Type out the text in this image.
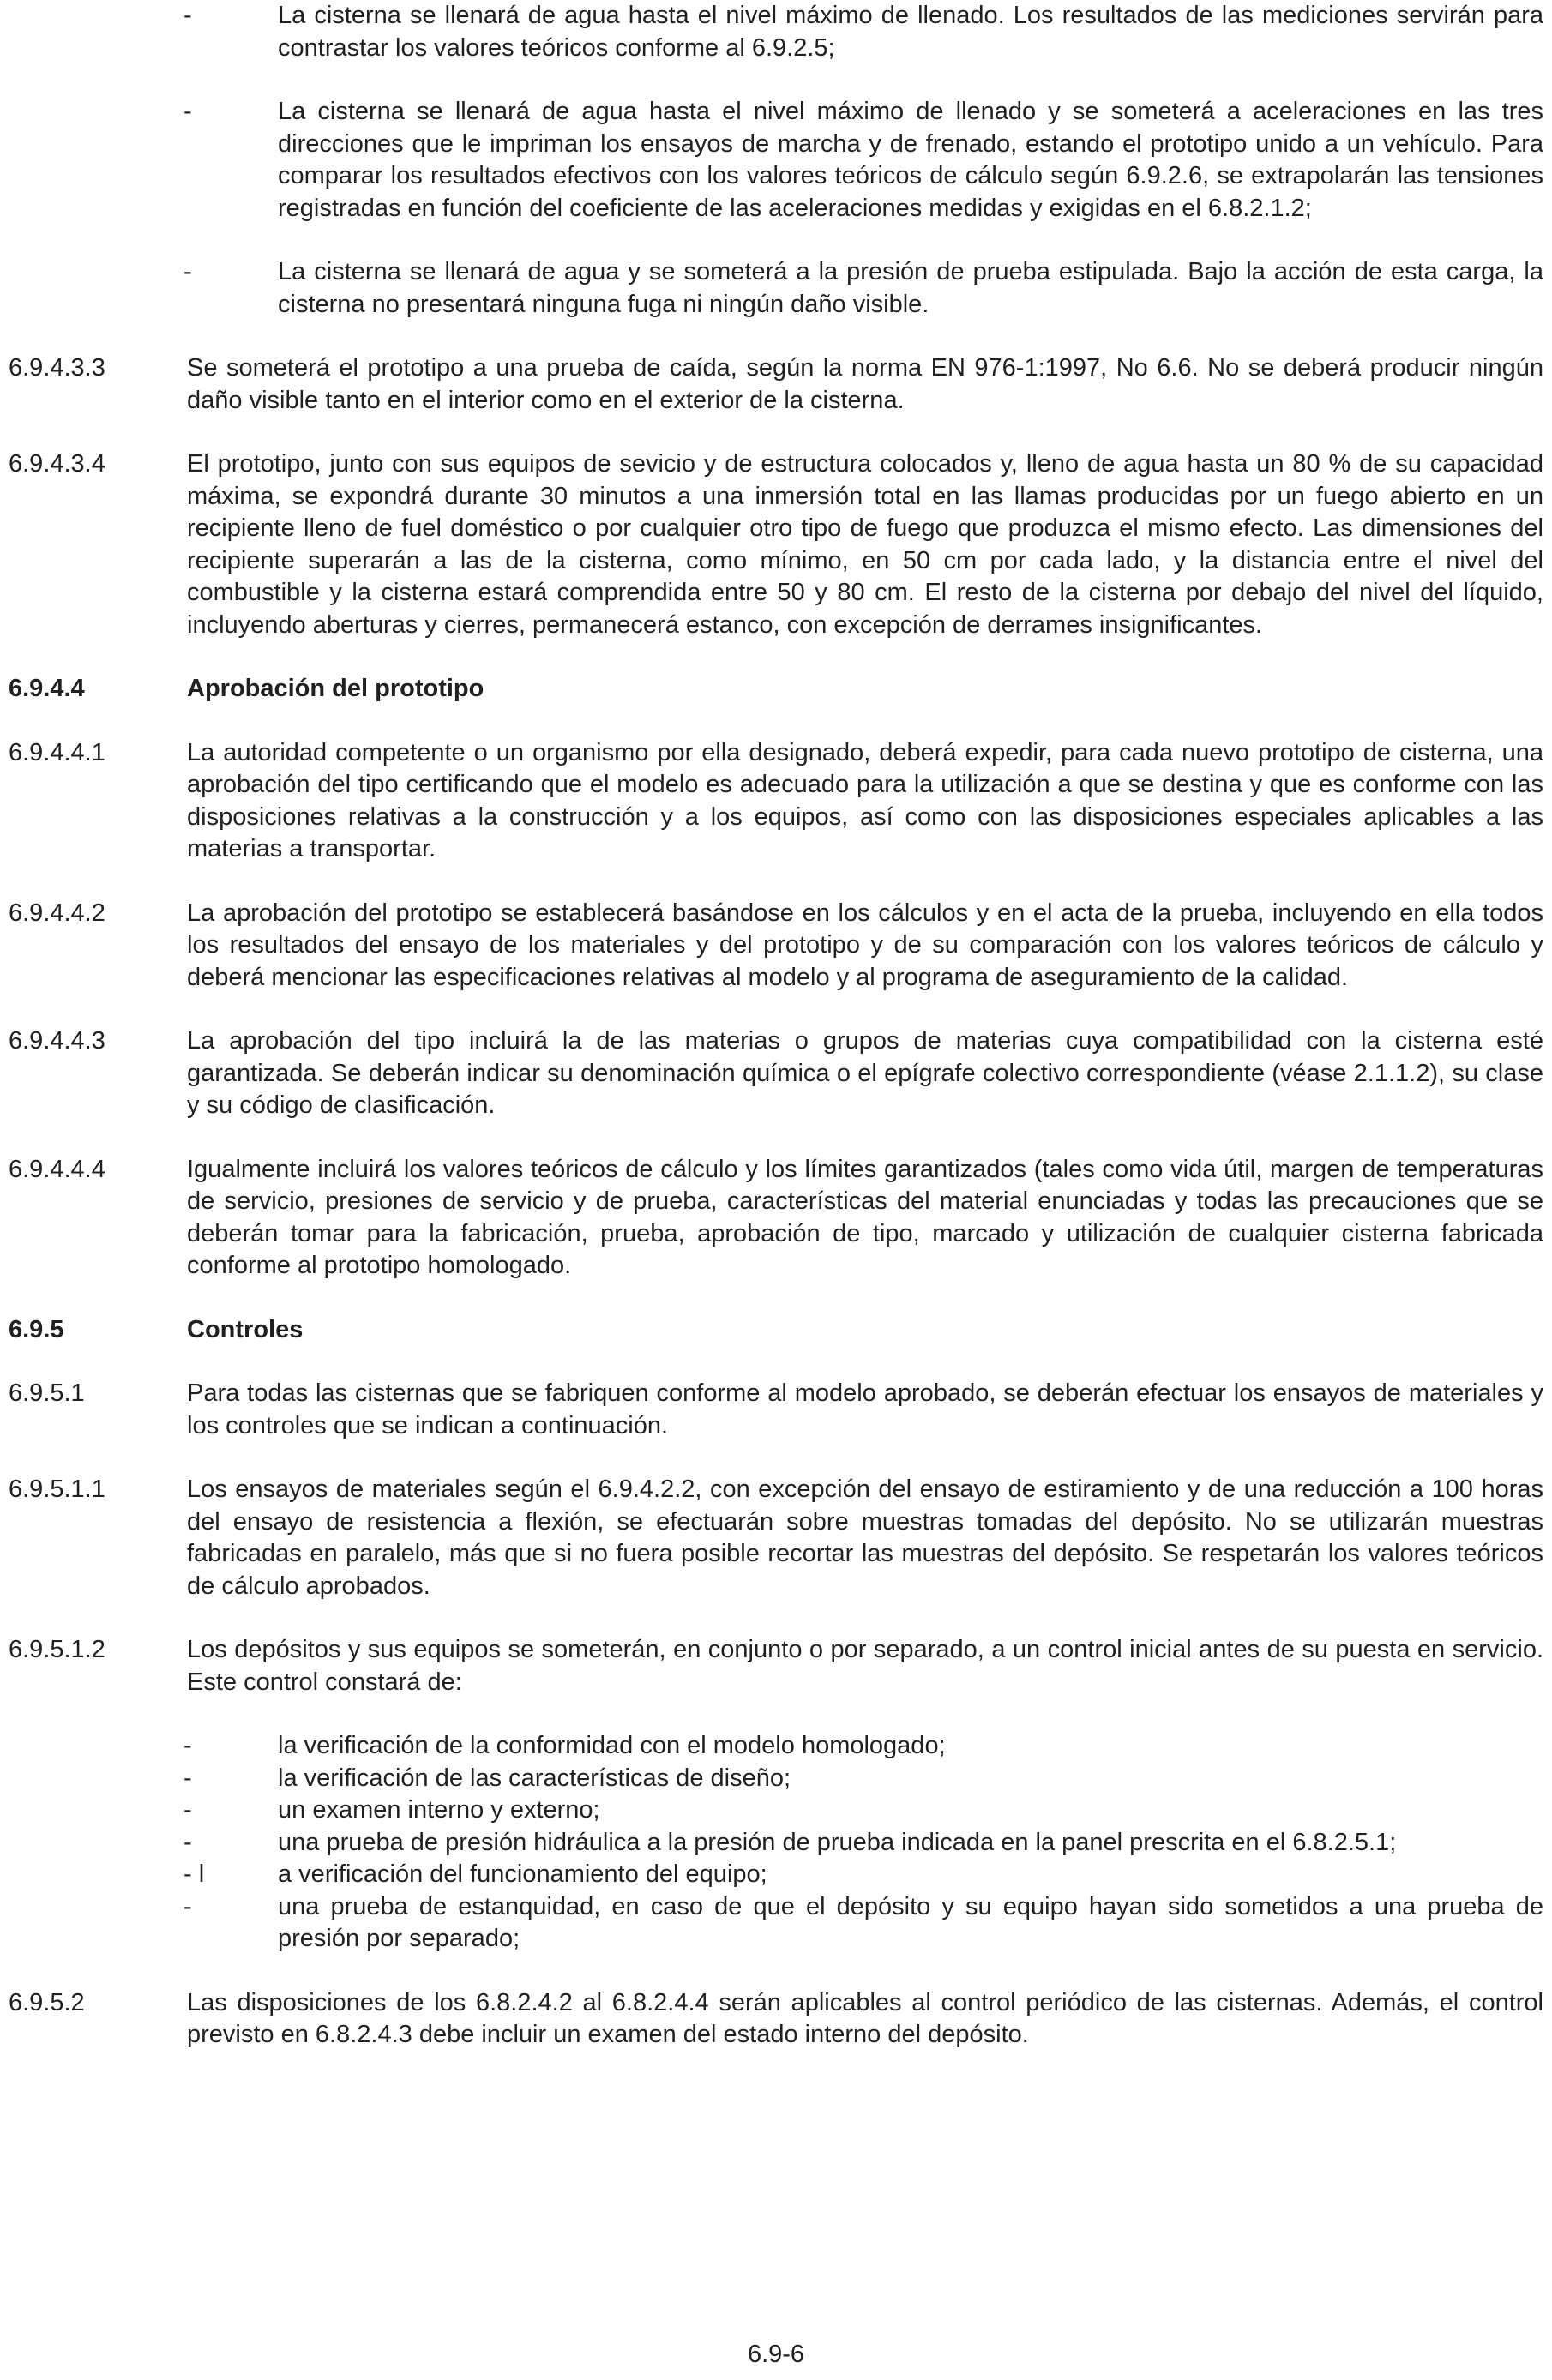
-	La cisterna se llenará de agua hasta el nivel máximo de llenado. Los resultados de las mediciones servirán para contrastar los valores teóricos conforme al 6.9.2.5;
-	La cisterna se llenará de agua hasta el nivel máximo de llenado y se someterá a aceleraciones en las tres direcciones que le impriman los ensayos de marcha y de frenado, estando el prototipo unido a un vehículo. Para comparar los resultados efectivos con los valores teóricos de cálculo según 6.9.2.6, se extrapolarán las tensiones registradas en función del coeficiente de las aceleraciones medidas y exigidas en el 6.8.2.1.2;
-	La cisterna se llenará de agua y se someterá a la presión de prueba estipulada. Bajo la acción de esta carga, la cisterna no presentará ninguna fuga ni ningún daño visible.
6.9.4.3.3	Se someterá el prototipo a una prueba de caída, según la norma EN 976-1:1997, No 6.6. No se deberá producir ningún daño visible tanto en el interior como en el exterior de la cisterna.
6.9.4.3.4	El prototipo, junto con sus equipos de sevicio y de estructura colocados y, lleno de agua hasta un 80 % de su capacidad máxima, se expondrá durante 30 minutos a una inmersión total en las llamas producidas por un fuego abierto en un recipiente lleno de fuel doméstico o por cualquier otro tipo de fuego que produzca el mismo efecto. Las dimensiones del recipiente superarán a las de la cisterna, como mínimo, en 50 cm por cada lado, y la distancia entre el nivel del combustible y la cisterna estará comprendida entre 50 y 80 cm. El resto de la cisterna por debajo del nivel del líquido, incluyendo aberturas y cierres, permanecerá estanco, con excepción de derrames insignificantes.
6.9.4.4	Aprobación del prototipo
6.9.4.4.1	La autoridad competente o un organismo por ella designado, deberá expedir, para cada nuevo prototipo de cisterna, una aprobación del tipo certificando que el modelo es adecuado para la utilización a que se destina y que es conforme con las disposiciones relativas a la construcción y a los equipos, así como con las disposiciones especiales aplicables a las materias a transportar.
6.9.4.4.2	La aprobación del prototipo se establecerá basándose en los cálculos y en el acta de la prueba, incluyendo en ella todos los resultados del ensayo de los materiales y del prototipo y de su comparación con los valores teóricos de cálculo y deberá mencionar las especificaciones relativas al modelo y al programa de aseguramiento de la calidad.
6.9.4.4.3	La aprobación del tipo incluirá la de las materias o grupos de materias cuya compatibilidad con la cisterna esté garantizada. Se deberán indicar su denominación química o el epígrafe colectivo correspondiente (véase 2.1.1.2), su clase y su código de clasificación.
6.9.4.4.4	Igualmente incluirá los valores teóricos de cálculo y los límites garantizados (tales como vida útil, margen de temperaturas de servicio, presiones de servicio y de prueba, características del material enunciadas y todas las precauciones que se deberán tomar para la fabricación, prueba, aprobación de tipo, marcado y utilización de cualquier cisterna fabricada conforme al prototipo homologado.
6.9.5	Controles
6.9.5.1	Para todas las cisternas que se fabriquen conforme al modelo aprobado, se deberán efectuar los ensayos de materiales y los controles que se indican a continuación.
6.9.5.1.1	Los ensayos de materiales según el 6.9.4.2.2, con excepción del ensayo de estiramiento y de una reducción a 100 horas del ensayo de resistencia a flexión, se efectuarán sobre muestras tomadas del depósito. No se utilizarán muestras fabricadas en paralelo, más que si no fuera posible recortar las muestras del depósito. Se respetarán los valores teóricos de cálculo aprobados.
6.9.5.1.2	Los depósitos y sus equipos se someterán, en conjunto o por separado, a un control inicial antes de su puesta en servicio. Este control constará de:
-	la verificación de la conformidad con el modelo homologado;
-	la verificación de las características de diseño;
-	un examen interno y externo;
-	una prueba de presión hidráulica a la presión de prueba indicada en la panel prescrita en el 6.8.2.5.1;
- l	a verificación del funcionamiento del equipo;
-	una prueba de estanquidad, en caso de que el depósito y su equipo hayan sido sometidos a una prueba de presión por separado;
6.9.5.2	Las disposiciones de los 6.8.2.4.2 al 6.8.2.4.4 serán aplicables al control periódico de las cisternas. Además, el control previsto en 6.8.2.4.3 debe incluir un examen del estado interno del depósito.
6.9-6
